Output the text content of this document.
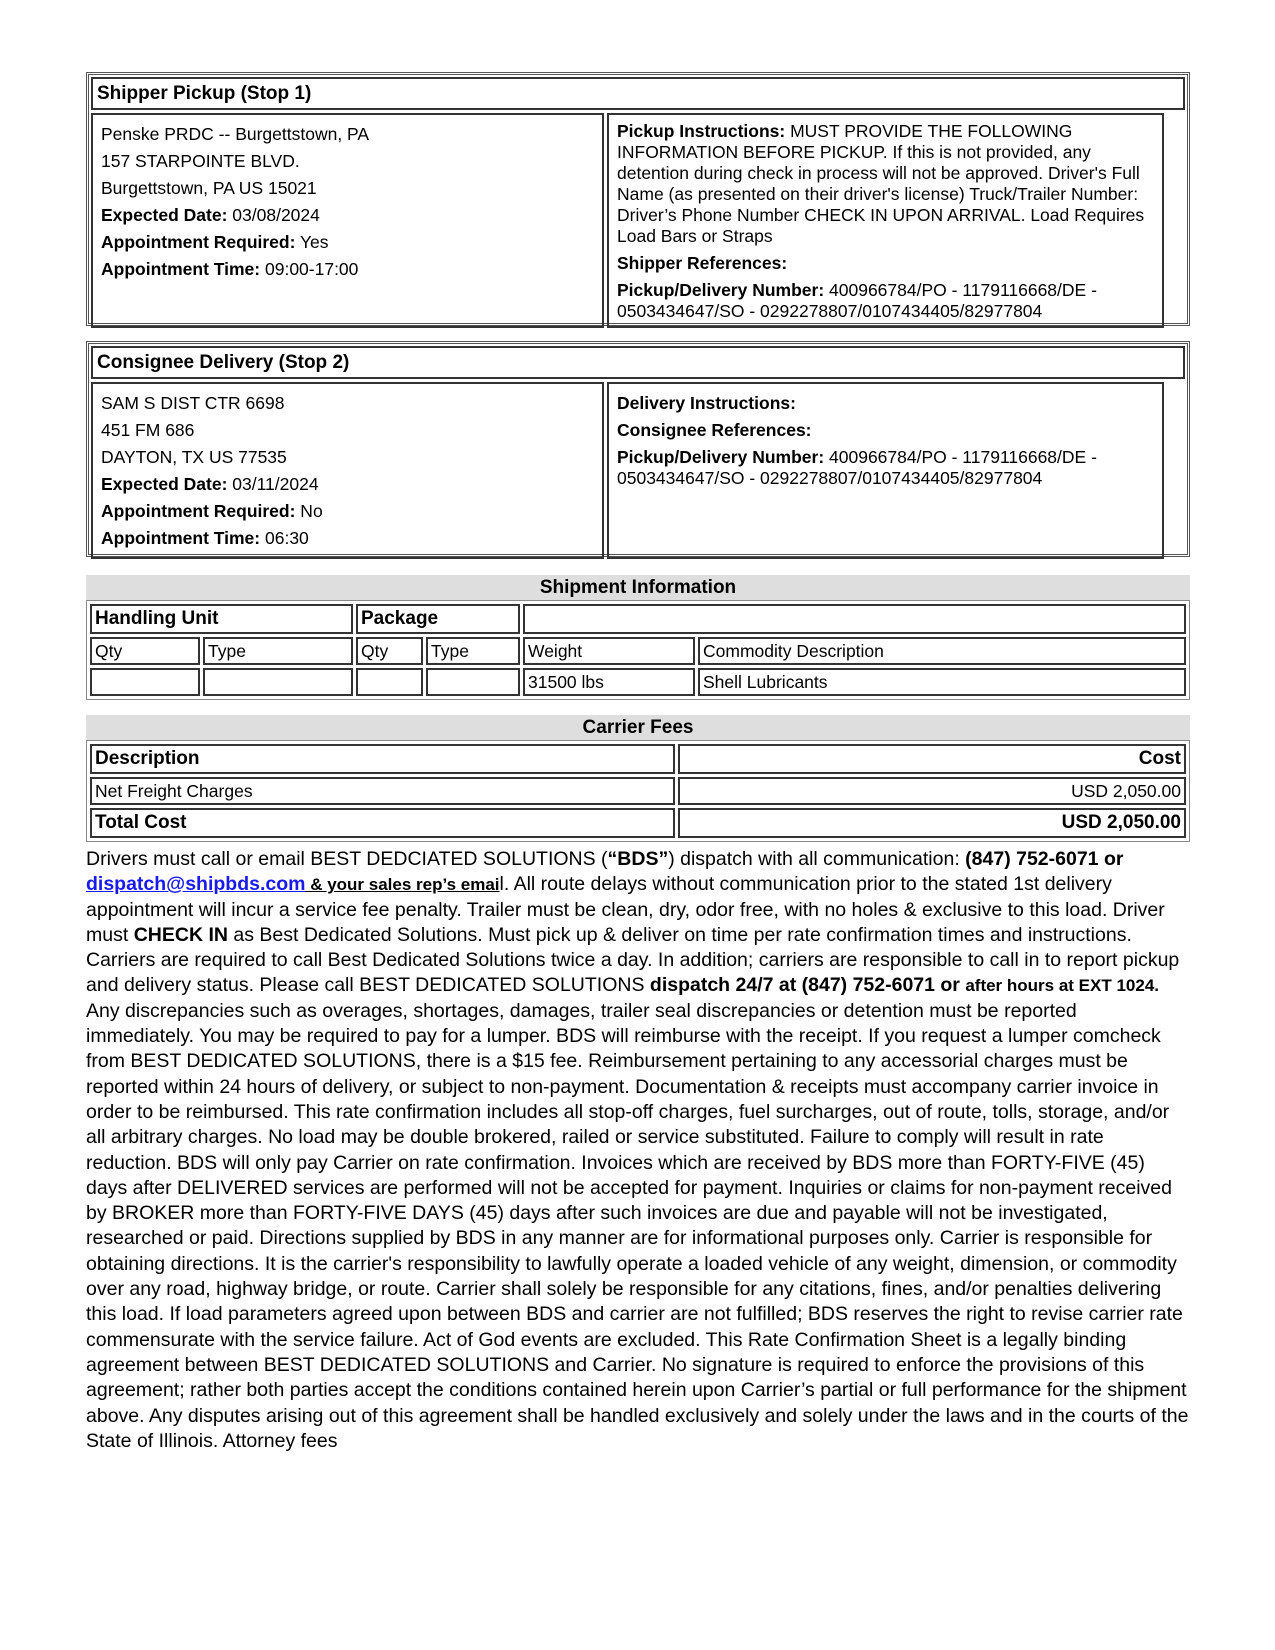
Shipper Pickup (Stop 1)
Penske PRDC -- Burgettstown, PA
157 STARPOINTE BLVD.
Burgettstown, PA US 15021
Expected Date: 03/08/2024
Appointment Required: Yes
Appointment Time: 09:00-17:00
Pickup Instructions: MUST PROVIDE THE FOLLOWING INFORMATION BEFORE PICKUP. If this is not provided, any detention during check in process will not be approved. Driver's Full Name (as presented on their driver's license) Truck/Trailer Number: Driver’s Phone Number CHECK IN UPON ARRIVAL. Load Requires Load Bars or Straps
Shipper References:
Pickup/Delivery Number: 400966784/PO - 1179116668/DE - 0503434647/SO - 0292278807/0107434405/82977804
Consignee Delivery (Stop 2)
SAM S DIST CTR 6698
451 FM 686
DAYTON, TX US 77535
Expected Date: 03/11/2024
Appointment Required: No
Appointment Time: 06:30
Delivery Instructions:
Consignee References:
Pickup/Delivery Number: 400966784/PO - 1179116668/DE - 0503434647/SO - 0292278807/0107434405/82977804
Shipment Information
Handling Unit		Package			
Qty	Type	Qty	Type	Weight	Commodity Description
				31500 lbs	Shell Lubricants
Carrier Fees
Description	Cost
Net Freight Charges	USD 2,050.00
Total Cost	USD 2,050.00
Drivers must call or email BEST DEDCIATED SOLUTIONS (“BDS”) dispatch with all communication: (847) 752-6071 or dispatch@shipbds.com & your sales rep’s email. All route delays without communication prior to the stated 1st delivery appointment will incur a service fee penalty. Trailer must be clean, dry, odor free, with no holes & exclusive to this load. Driver must CHECK IN as Best Dedicated Solutions. Must pick up & deliver on time per rate confirmation times and instructions. Carriers are required to call Best Dedicated Solutions twice a day. In addition; carriers are responsible to call in to report pickup and delivery status. Please call BEST DEDICATED SOLUTIONS dispatch 24/7 at (847) 752-6071 or after hours at EXT 1024. Any discrepancies such as overages, shortages, damages, trailer seal discrepancies or detention must be reported immediately. You may be required to pay for a lumper. BDS will reimburse with the receipt. If you request a lumper comcheck from BEST DEDICATED SOLUTIONS, there is a $15 fee. Reimbursement pertaining to any accessorial charges must be reported within 24 hours of delivery, or subject to non-payment. Documentation & receipts must accompany carrier invoice in order to be reimbursed. This rate confirmation includes all stop-off charges, fuel surcharges, out of route, tolls, storage, and/or all arbitrary charges. No load may be double brokered, railed or service substituted. Failure to comply will result in rate reduction. BDS will only pay Carrier on rate confirmation. Invoices which are received by BDS more than FORTY-FIVE (45) days after DELIVERED services are performed will not be accepted for payment. Inquiries or claims for non-payment received by BROKER more than FORTY-FIVE DAYS (45) days after such invoices are due and payable will not be investigated, researched or paid. Directions supplied by BDS in any manner are for informational purposes only. Carrier is responsible for obtaining directions. It is the carrier's responsibility to lawfully operate a loaded vehicle of any weight, dimension, or commodity over any road, highway bridge, or route. Carrier shall solely be responsible for any citations, fines, and/or penalties delivering this load. If load parameters agreed upon between BDS and carrier are not fulfilled; BDS reserves the right to revise carrier rate commensurate with the service failure. Act of God events are excluded. This Rate Confirmation Sheet is a legally binding agreement between BEST DEDICATED SOLUTIONS and Carrier. No signature is required to enforce the provisions of this agreement; rather both parties accept the conditions contained herein upon Carrier’s partial or full performance for the shipment above. Any disputes arising out of this agreement shall be handled exclusively and solely under the laws and in the courts of the State of Illinois. Attorney fees
